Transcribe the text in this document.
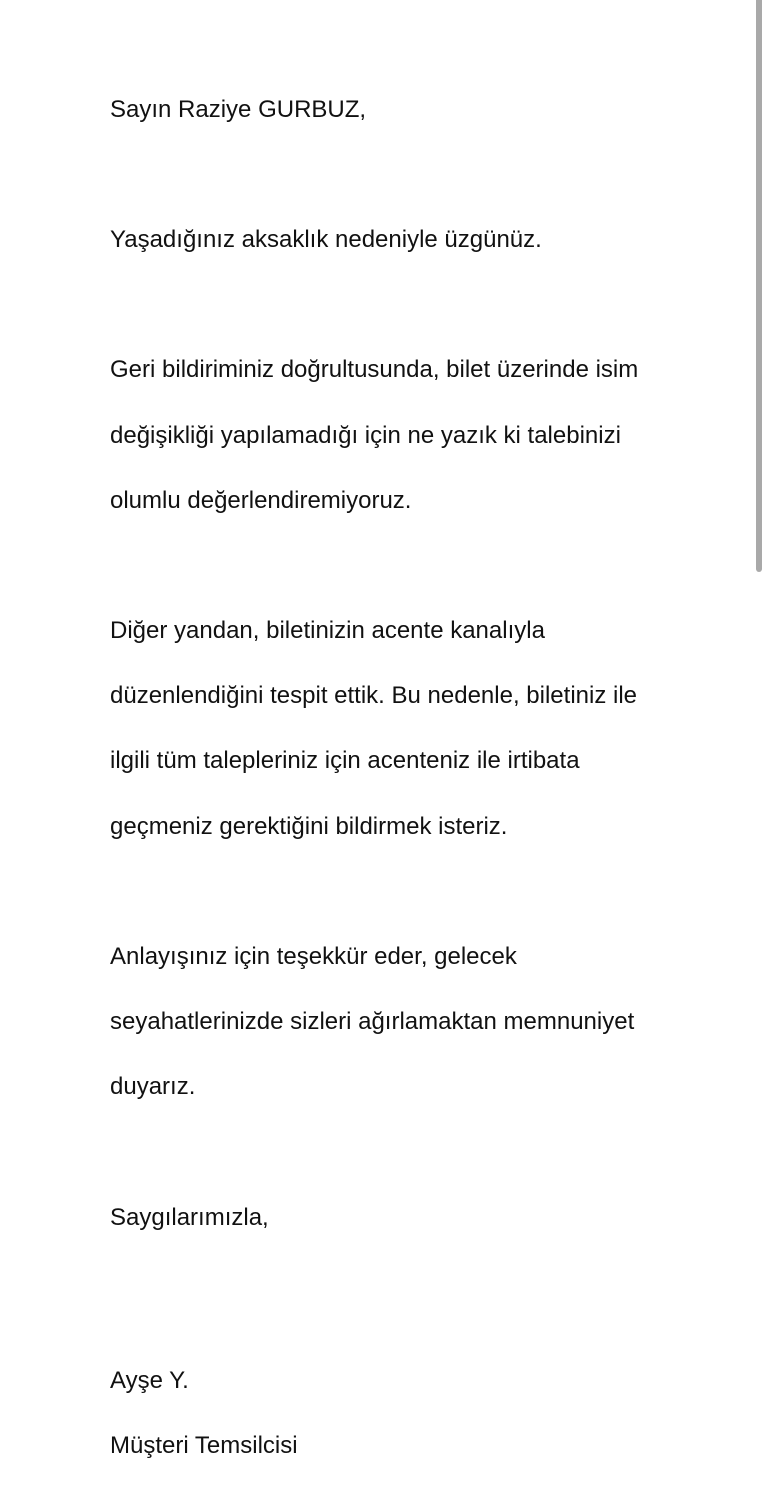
Sayın Raziye GURBUZ,

Yaşadığınız aksaklık nedeniyle üzgünüz.

Geri bildiriminiz doğrultusunda, bilet üzerinde isim

değişikliği yapılamadığı için ne yazık ki talebinizi

olumlu değerlendiremiyoruz.

Diğer yandan, biletinizin acente kanalıyla

düzenlendiğini tespit ettik. Bu nedenle, biletiniz ile

ilgili tüm talepleriniz için acenteniz ile irtibata

geçmeniz gerektiğini bildirmek isteriz.

Anlayışınız için teşekkür eder, gelecek

seyahatlerinizde sizleri ağırlamaktan memnuniyet

duyarız.

Saygılarımızla,

Ayşe Y.

Müşteri Temsilcisi
